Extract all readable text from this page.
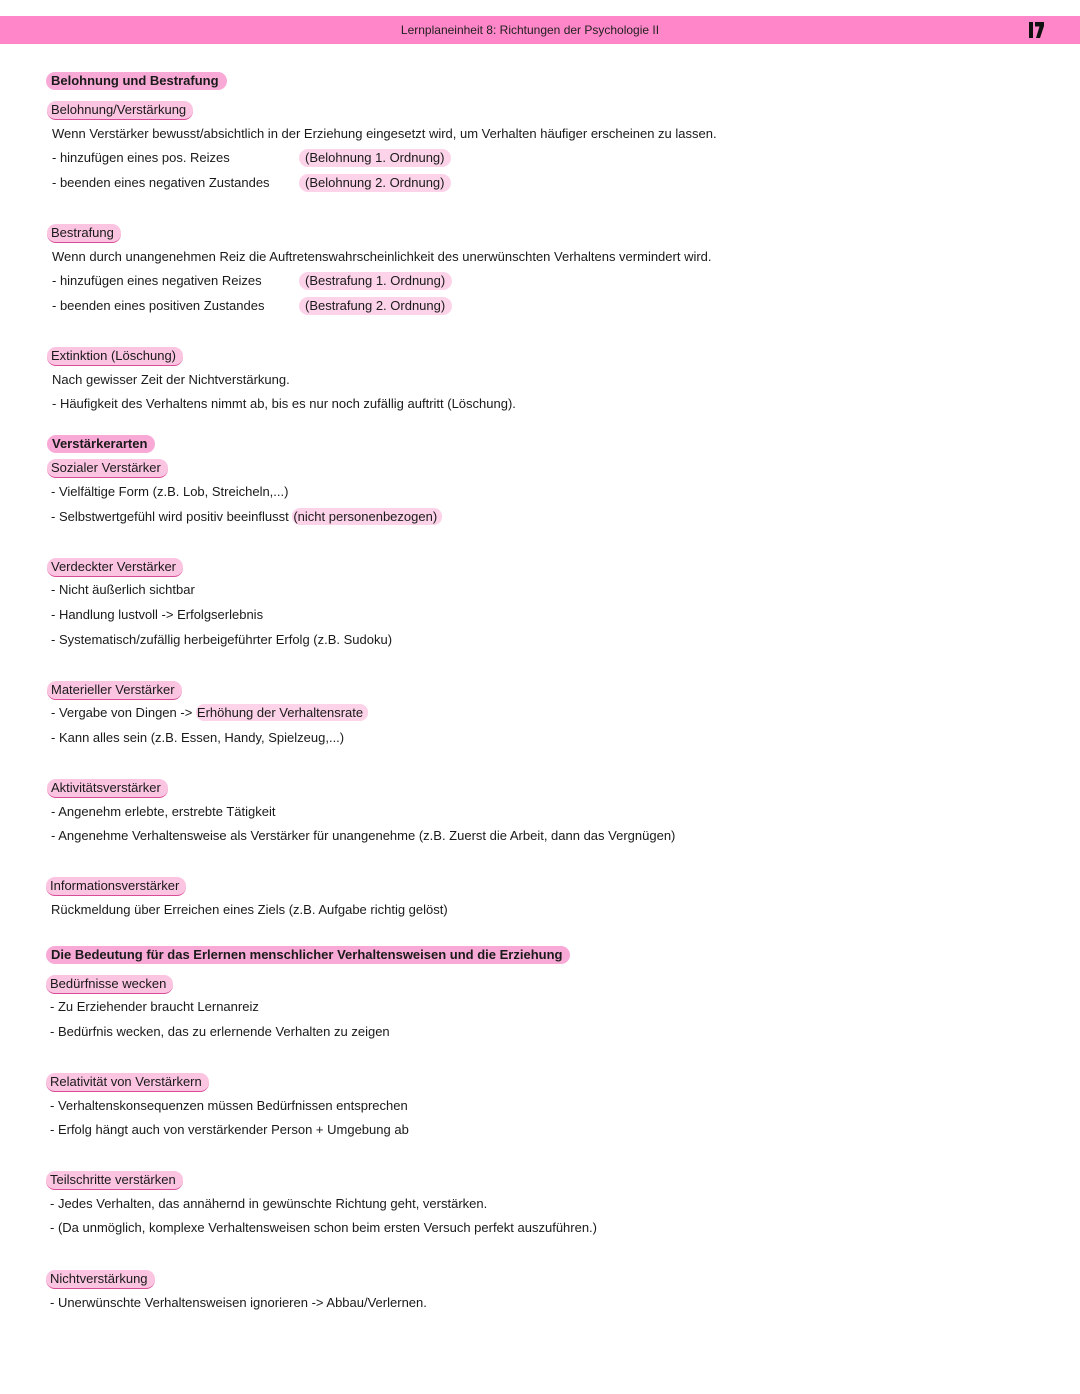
Lernplaneinheit 8: Richtungen der Psychologie II
Belohnung und Bestrafung
Belohnung/Verstärkung
Wenn Verstärker bewusst/absichtlich in der Erziehung eingesetzt wird, um Verhalten häufiger erscheinen zu lassen.
- hinzufügen eines pos. Reizes	(Belohnung 1. Ordnung)
- beenden eines negativen Zustandes	(Belohnung 2. Ordnung)
Bestrafung
Wenn durch unangenehmen Reiz die Auftretenswahrscheinlichkeit des unerwünschten Verhaltens vermindert wird.
- hinzufügen eines negativen Reizes	(Bestrafung 1. Ordnung)
- beenden eines positiven Zustandes	(Bestrafung 2. Ordnung)
Extinktion (Löschung)
Nach gewisser Zeit der Nichtverstärkung.
- Häufigkeit des Verhaltens nimmt ab, bis es nur noch zufällig auftritt (Löschung).
Verstärkerarten
Sozialer Verstärker
- Vielfältige Form (z.B. Lob, Streicheln,...)
- Selbstwertgefühl wird positiv beeinflusst (nicht personenbezogen)
Verdeckter Verstärker
- Nicht äußerlich sichtbar
- Handlung lustvoll -> Erfolgserlebnis
- Systematisch/zufällig herbeigeführter Erfolg (z.B. Sudoku)
Materieller Verstärker
- Vergabe von Dingen -> Erhöhung der Verhaltensrate
- Kann alles sein (z.B. Essen, Handy, Spielzeug,...)
Aktivitätsverstärker
- Angenehm erlebte, erstrebte Tätigkeit
- Angenehme Verhaltensweise als Verstärker für unangenehme (z.B. Zuerst die Arbeit, dann das Vergnügen)
Informationsverstärker
Rückmeldung über Erreichen eines Ziels (z.B. Aufgabe richtig gelöst)
Die Bedeutung für das Erlernen menschlicher Verhaltensweisen und die Erziehung
Bedürfnisse wecken
- Zu Erziehender braucht Lernanreiz
- Bedürfnis wecken, das zu erlernende Verhalten zu zeigen
Relativität von Verstärkern
- Verhaltenskonsequenzen müssen Bedürfnissen entsprechen
- Erfolg hängt auch von verstärkender Person + Umgebung ab
Teilschritte verstärken
- Jedes Verhalten, das annähernd in gewünschte Richtung geht, verstärken.
- (Da unmöglich, komplexe Verhaltensweisen schon beim ersten Versuch perfekt auszuführen.)
Nichtverstärkung
- Unerwünschte Verhaltensweisen ignorieren -> Abbau/Verlernen.
